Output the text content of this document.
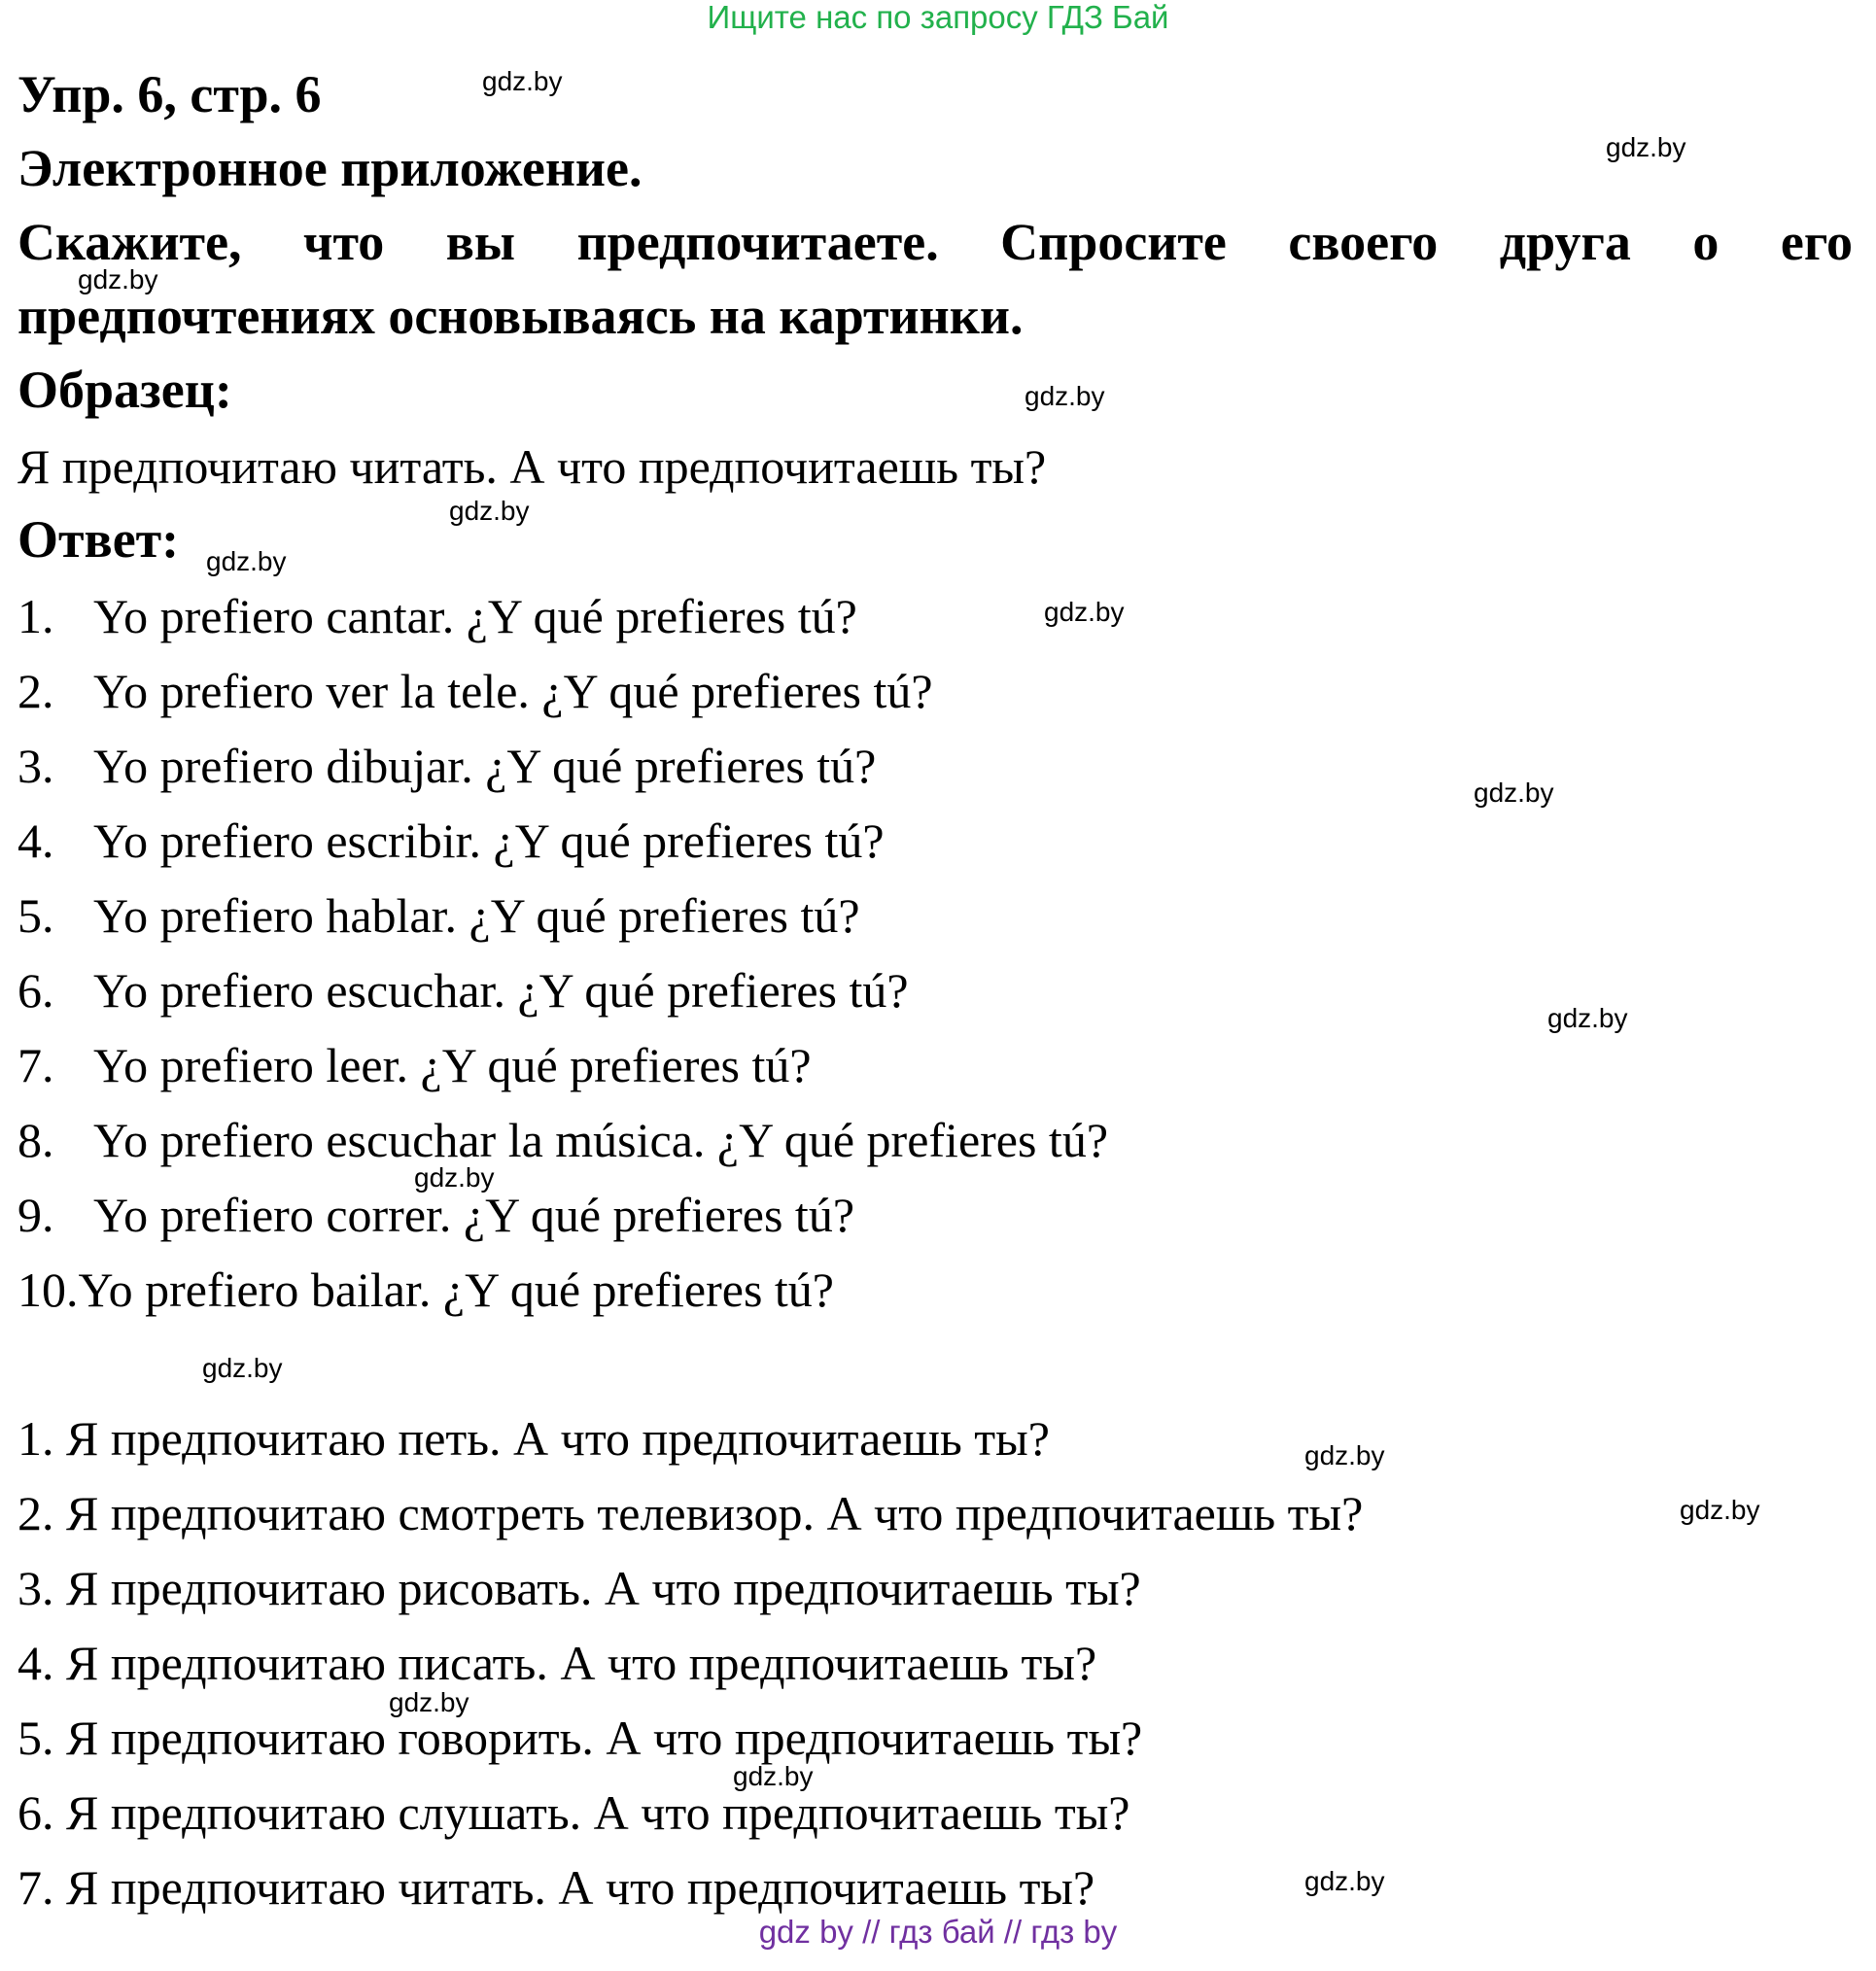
Ищите нас по запросу ГДЗ Бай
Упр. 6, стр. 6
Электронное приложение.
Скажите, что вы предпочитаете. Спросите своего друга о его
предпочтениях основываясь на картинки.
Образец:
Я предпочитаю читать. А что предпочитаешь ты?
Ответ:
1. Yo prefiero cantar. ¿Y qué prefieres tú?
2. Yo prefiero ver la tele. ¿Y qué prefieres tú?
3. Yo prefiero dibujar. ¿Y qué prefieres tú?
4. Yo prefiero escribir. ¿Y qué prefieres tú?
5. Yo prefiero hablar. ¿Y qué prefieres tú?
6. Yo prefiero escuchar. ¿Y qué prefieres tú?
7. Yo prefiero leer. ¿Y qué prefieres tú?
8. Yo prefiero escuchar la música. ¿Y qué prefieres tú?
9. Yo prefiero correr. ¿Y qué prefieres tú?
10.Yo prefiero bailar. ¿Y qué prefieres tú?
1. Я предпочитаю петь. А что предпочитаешь ты?
2. Я предпочитаю смотреть телевизор. А что предпочитаешь ты?
3. Я предпочитаю рисовать. А что предпочитаешь ты?
4. Я предпочитаю писать. А что предпочитаешь ты?
5. Я предпочитаю говорить. А что предпочитаешь ты?
6. Я предпочитаю слушать. А что предпочитаешь ты?
7. Я предпочитаю читать. А что предпочитаешь ты?
gdz.by
gdz.by
gdz.by
gdz.by
gdz.by
gdz.by
gdz.by
gdz.by
gdz.by
gdz.by
gdz.by
gdz.by
gdz.by
gdz.by
gdz.by
gdz.by
gdz by // гдз бай // гдз by
